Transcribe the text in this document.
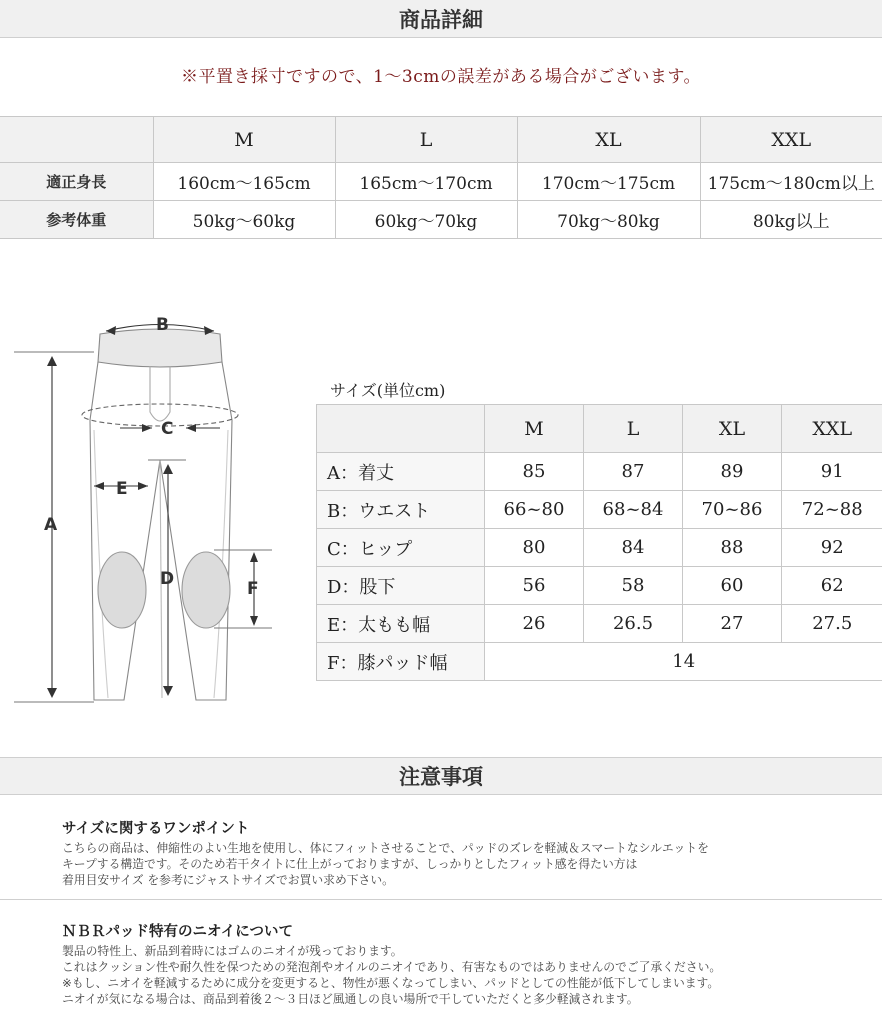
商品詳細
※平置き採寸ですので、1～3cmの誤差がある場合がございます。
	M	L	XL	XXL
適正身長	160cm～165cm	165cm～170cm	170cm～175cm	175cm～180cm以上
参考体重	50kg～60kg	60kg～70kg	70kg～80kg	80kg以上
B
A
C
E
D	F
サイズ(単位cm)
	M	L	XL	XXL
A：着丈	85	87	89	91
B：ウエスト	66~80	68~84	70~86	72~88
C：ヒップ	80	84	88	92
D：股下	56	58	60	62
E：太もも幅	26	26.5	27	27.5
F：膝パッド幅	14			
注意事項
サイズに関するワンポイント

こちらの商品は、伸縮性のよい生地を使用し、体にフィットさせることで、パッドのズレを軽減＆スマートなシルエットを

キープする構造です。そのため若干タイトに仕上がっておりますが、しっかりとしたフィット感を得たい方は

着用目安サイズ を参考にジャストサイズでお買い求め下さい。

ＮＢＲパッド特有のニオイについて

製品の特性上、新品到着時にはゴムのニオイが残っております。

これはクッション性や耐久性を保つための発泡剤やオイルのニオイであり、有害なものではありませんのでご了承ください。

※もし、ニオイを軽減するために成分を変更すると、物性が悪くなってしまい、パッドとしての性能が低下してしまいます。

ニオイが気になる場合は、商品到着後２～３日ほど風通しの良い場所で干していただくと多少軽減されます。
